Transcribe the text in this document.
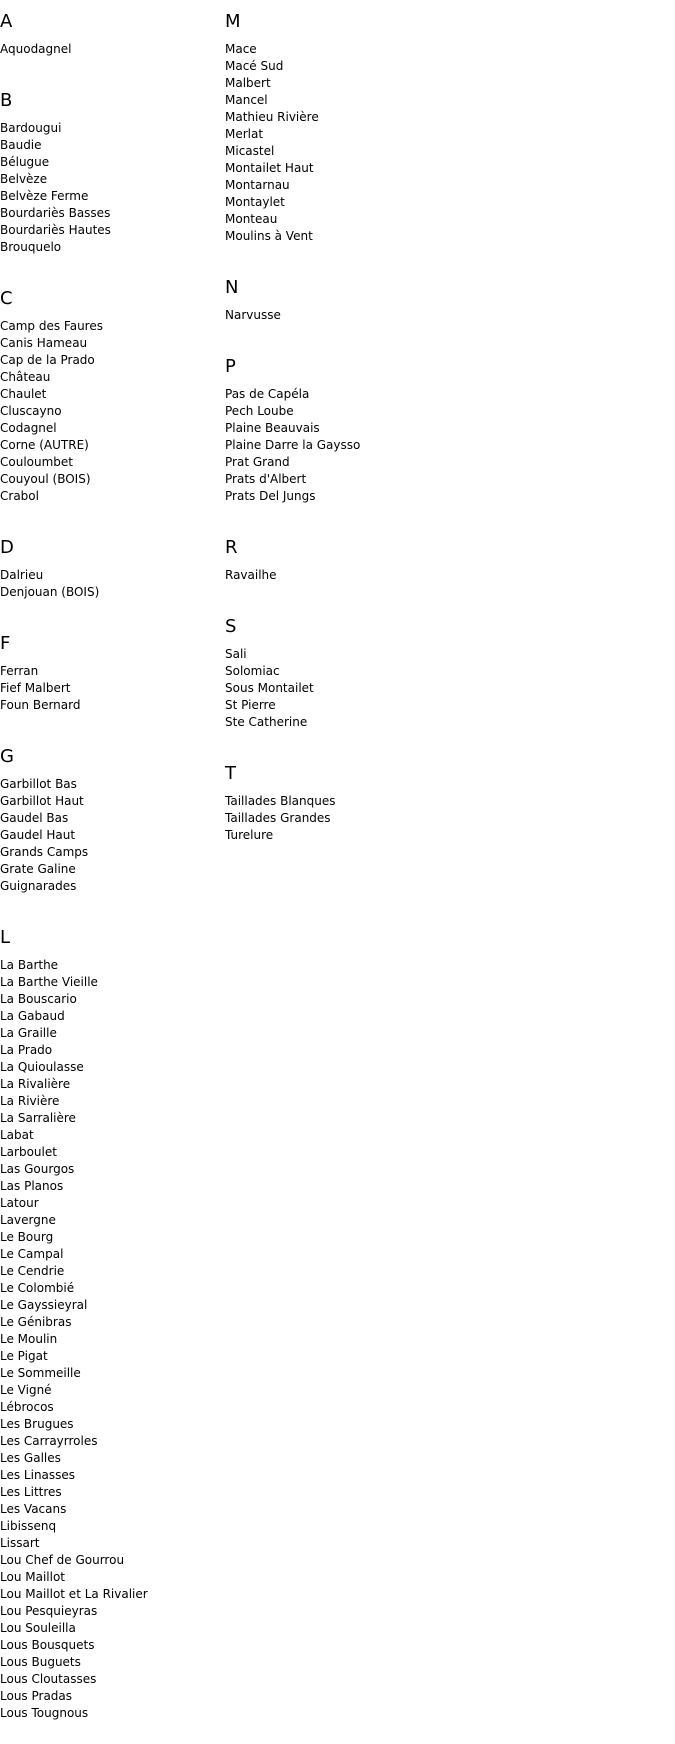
A
Aquodagnel
B
Bardougui
Baudie
Bélugue
Belvèze
Belvèze Ferme
Bourdariès Basses
Bourdariès Hautes
Brouquelo
C
Camp des Faures
Canis Hameau
Cap de la Prado
Château
Chaulet
Cluscayno
Codagnel
Corne (AUTRE)
Couloumbet
Couyoul (BOIS)
Crabol
D
Dalrieu
Denjouan (BOIS)
F
Ferran
Fief Malbert
Foun Bernard
G
Garbillot Bas
Garbillot Haut
Gaudel Bas
Gaudel Haut
Grands Camps
Grate Galine
Guignarades
L
La Barthe
La Barthe Vieille
La Bouscario
La Gabaud
La Graille
La Prado
La Quioulasse
La Rivalière
La Rivière
La Sarralière
Labat
Larboulet
Las Gourgos
Las Planos
Latour
Lavergne
Le Bourg
Le Campal
Le Cendrie
Le Colombié
Le Gayssieyral
Le Génibras
Le Moulin
Le Pigat
Le Sommeille
Le Vigné
Lébrocos
Les Brugues
Les Carrayrroles
Les Galles
Les Linasses
Les Littres
Les Vacans
Libissenq
Lissart
Lou Chef de Gourrou
Lou Maillot
Lou Maillot et La Rivalier
Lou Pesquieyras
Lou Souleilla
Lous Bousquets
Lous Buguets
Lous Cloutasses
Lous Pradas
Lous Tougnous
M
Mace
Macé Sud
Malbert
Mancel
Mathieu Rivière
Merlat
Micastel
Montailet Haut
Montarnau
Montaylet
Monteau
Moulins à Vent
N
Narvusse
P
Pas de Capéla
Pech Loube
Plaine Beauvais
Plaine Darre la Gaysso
Prat Grand
Prats d'Albert
Prats Del Jungs
R
Ravailhe
S
Sali
Solomiac
Sous Montailet
St Pierre
Ste Catherine
T
Taillades Blanques
Taillades Grandes
Turelure
